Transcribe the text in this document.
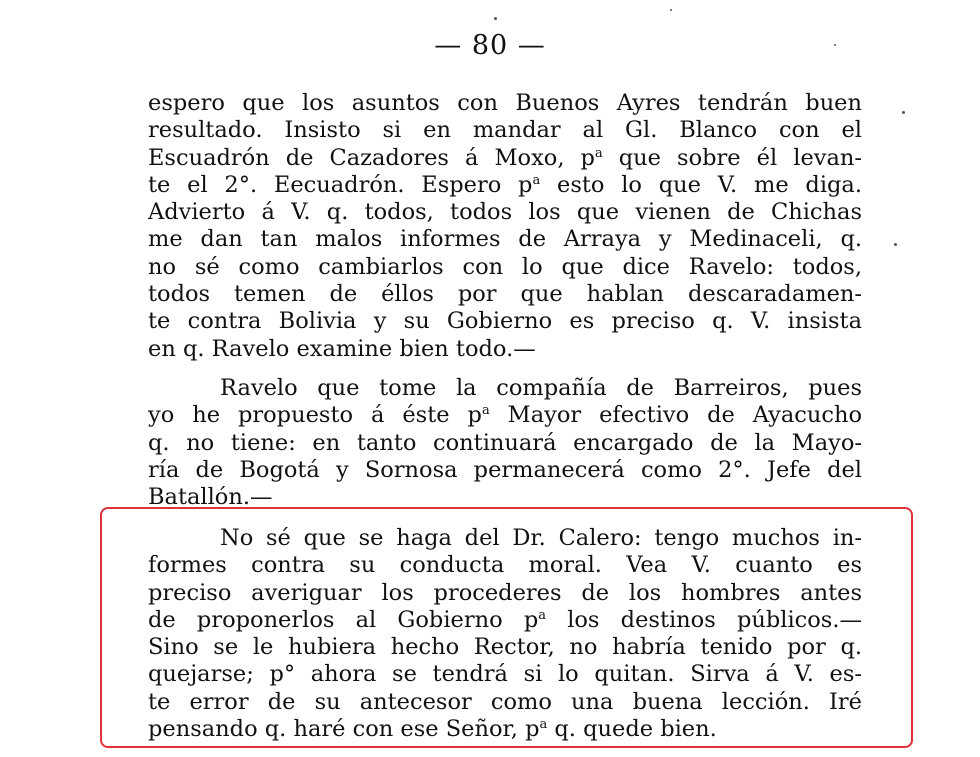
— 80 —
espero que los asuntos con Buenos Ayres tendrán buen
resultado. Insisto si en mandar al Gl. Blanco con el
Escuadrón de Cazadores á Moxo, $p^a$ que sobre él levan-
te el 2°. Eecuadrón. Espero $p^a$ esto lo que V. me diga.
Advierto á V. q. todos, todos los que vienen de Chichas
me dan tan malos informes de Arraya y Medinaceli, q.
no sé como cambiarlos con lo que dice Ravelo: todos,
todos temen de éllos por que hablan descaradamen-
te contra Bolivia y su Gobierno es preciso q. V. insista
en q. Ravelo examine bien todo.—
Ravelo que tome la compañía de Barreiros, pues
yo he propuesto á éste $p^a$ Mayor efectivo de Ayacucho
q. no tiene: en tanto continuará encargado de la Mayo-
ría de Bogotá y Sornosa permanecerá como 2°. Jefe del
Batallón.—
No sé que se haga del Dr. Calero: tengo muchos in-
formes contra su conducta moral. Vea V. cuanto es
preciso averiguar los procederes de los hombres antes
de proponerlos al Gobierno $p^a$ los destinos públicos.—
Sino se le hubiera hecho Rector, no habría tenido por q.
quejarse; p° ahora se tendrá si lo quitan. Sirva á V. es-
te error de su antecesor como una buena lección. Iré
pensando q. haré con ese Señor, $p^a$ q. quede bien.
